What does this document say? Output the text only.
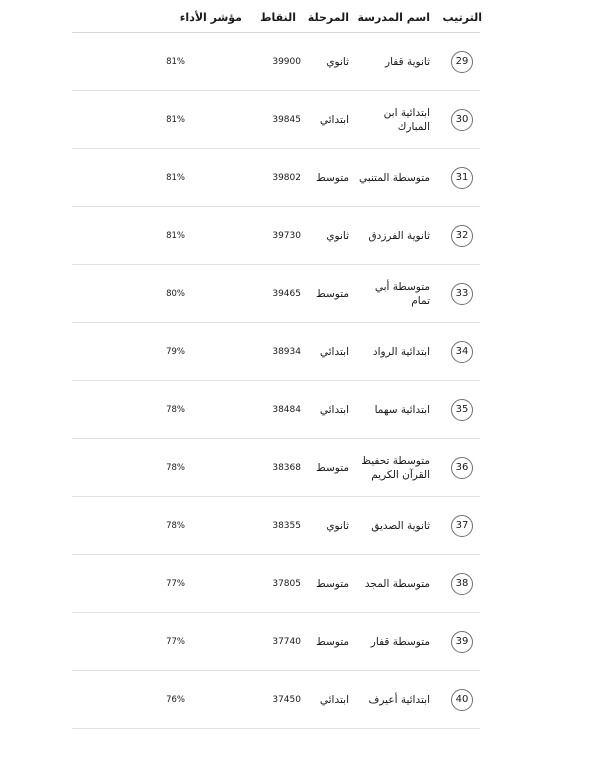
الترتيب
اسم المدرسة
المرحلة
النقاط
مؤشر الأداء
29
ثانوية قفار
ثانوي
39900
81%
30
ابتدائية ابن المبارك
ابتدائي
39845
81%
31
متوسطة المتنبي
متوسط
39802
81%
32
ثانوية الفرزدق
ثانوي
39730
81%
33
متوسطة أبي تمام
متوسط
39465
80%
34
ابتدائية الرواد
ابتدائي
38934
79%
35
ابتدائية سهما
ابتدائي
38484
78%
36
متوسطة تحفيظ القرآن الكريم
متوسط
38368
78%
37
ثانوية الصديق
ثانوي
38355
78%
38
متوسطة المجد
متوسط
37805
77%
39
متوسطة قفار
متوسط
37740
77%
40
ابتدائية أعيرف
ابتدائي
37450
76%
